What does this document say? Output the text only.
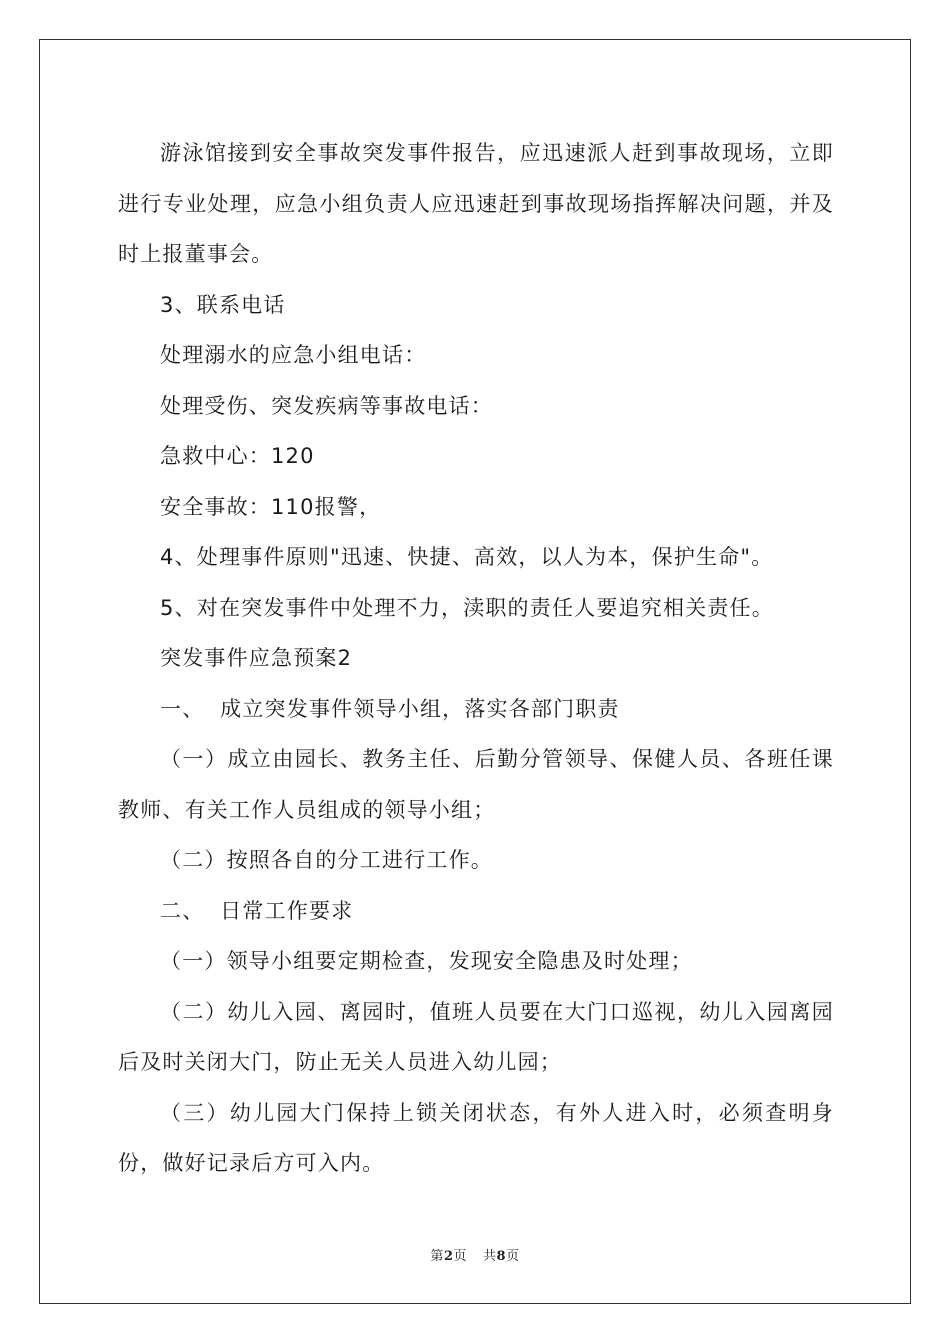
游泳馆接到安全事故突发事件报告，应迅速派人赶到事故现场，立即进行专业处理，应急小组负责人应迅速赶到事故现场指挥解决问题，并及时上报董事会。

3、联系电话

处理溺水的应急小组电话：

处理受伤、突发疾病等事故电话：

急救中心：120

安全事故：110报警，

4、处理事件原则"迅速、快捷、高效，以人为本，保护生命"。

5、对在突发事件中处理不力，渎职的责任人要追究相关责任。

突发事件应急预案2

一、  成立突发事件领导小组，落实各部门职责

（一）成立由园长、教务主任、后勤分管领导、保健人员、各班任课教师、有关工作人员组成的领导小组；

（二）按照各自的分工进行工作。

二、  日常工作要求

（一）领导小组要定期检查，发现安全隐患及时处理；

（二）幼儿入园、离园时，值班人员要在大门口巡视，幼儿入园离园后及时关闭大门，防止无关人员进入幼儿园；

（三）幼儿园大门保持上锁关闭状态，有外人进入时，必须查明身份，做好记录后方可入内。

第2页 共8页
